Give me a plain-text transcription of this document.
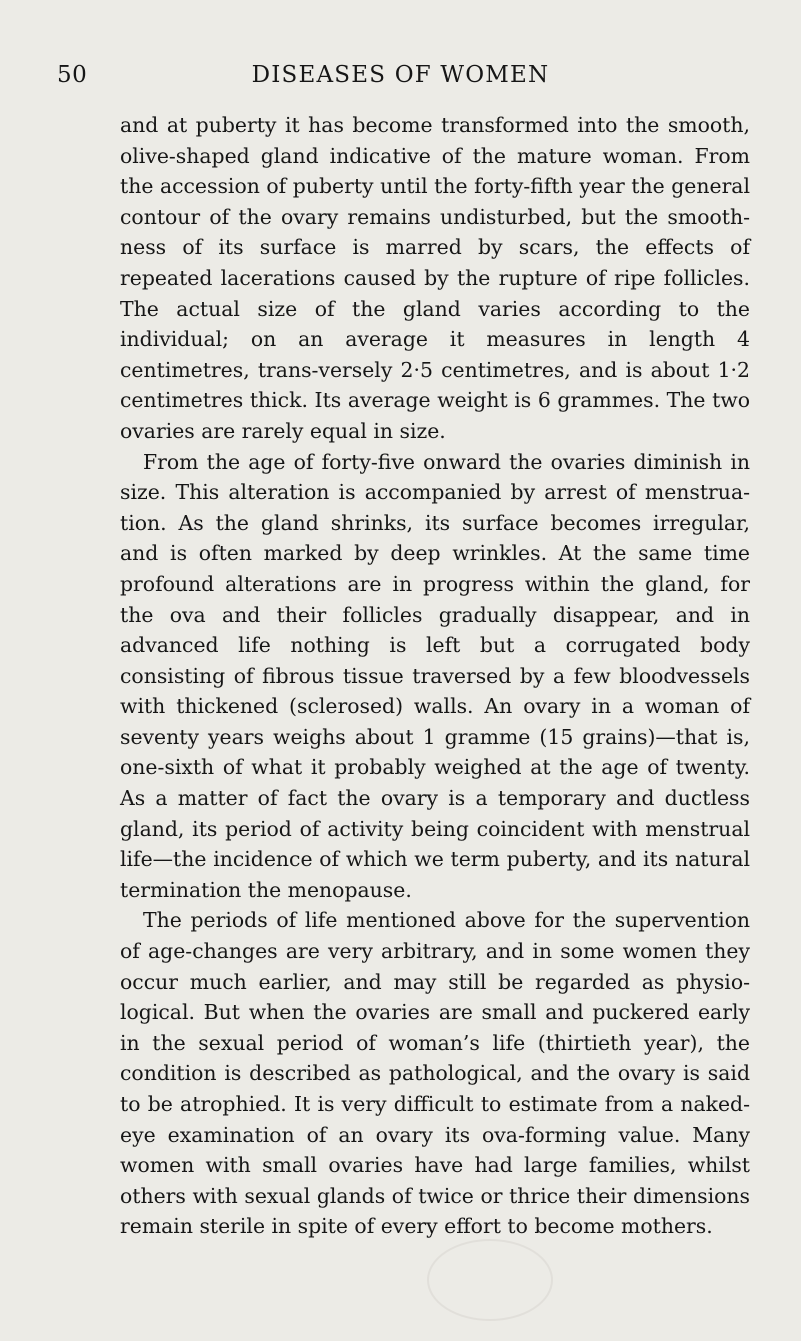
50	DISEASES OF WOMEN

and at puberty it has become transformed into the smooth, olive-shaped gland indicative of the mature woman. From the accession of puberty until the forty-fifth year the general contour of the ovary remains undisturbed, but the smooth-ness of its surface is marred by scars, the effects of repeated lacerations caused by the rupture of ripe follicles. The actual size of the gland varies according to the individual; on an average it measures in length 4 centimetres, trans-versely 2·5 centimetres, and is about 1·2 centimetres thick. Its average weight is 6 grammes. The two ovaries are rarely equal in size.

From the age of forty-five onward the ovaries diminish in size. This alteration is accompanied by arrest of menstrua-tion. As the gland shrinks, its surface becomes irregular, and is often marked by deep wrinkles. At the same time profound alterations are in progress within the gland, for the ova and their follicles gradually disappear, and in advanced life nothing is left but a corrugated body consisting of fibrous tissue traversed by a few bloodvessels with thickened (sclerosed) walls. An ovary in a woman of seventy years weighs about 1 gramme (15 grains)—that is, one-sixth of what it probably weighed at the age of twenty. As a matter of fact the ovary is a temporary and ductless gland, its period of activity being coincident with menstrual life—the incidence of which we term puberty, and its natural termination the menopause.

The periods of life mentioned above for the supervention of age-changes are very arbitrary, and in some women they occur much earlier, and may still be regarded as physio-logical. But when the ovaries are small and puckered early in the sexual period of woman’s life (thirtieth year), the condition is described as pathological, and the ovary is said to be atrophied. It is very difficult to estimate from a naked-eye examination of an ovary its ova-forming value. Many women with small ovaries have had large families, whilst others with sexual glands of twice or thrice their dimensions remain sterile in spite of every effort to become mothers.
